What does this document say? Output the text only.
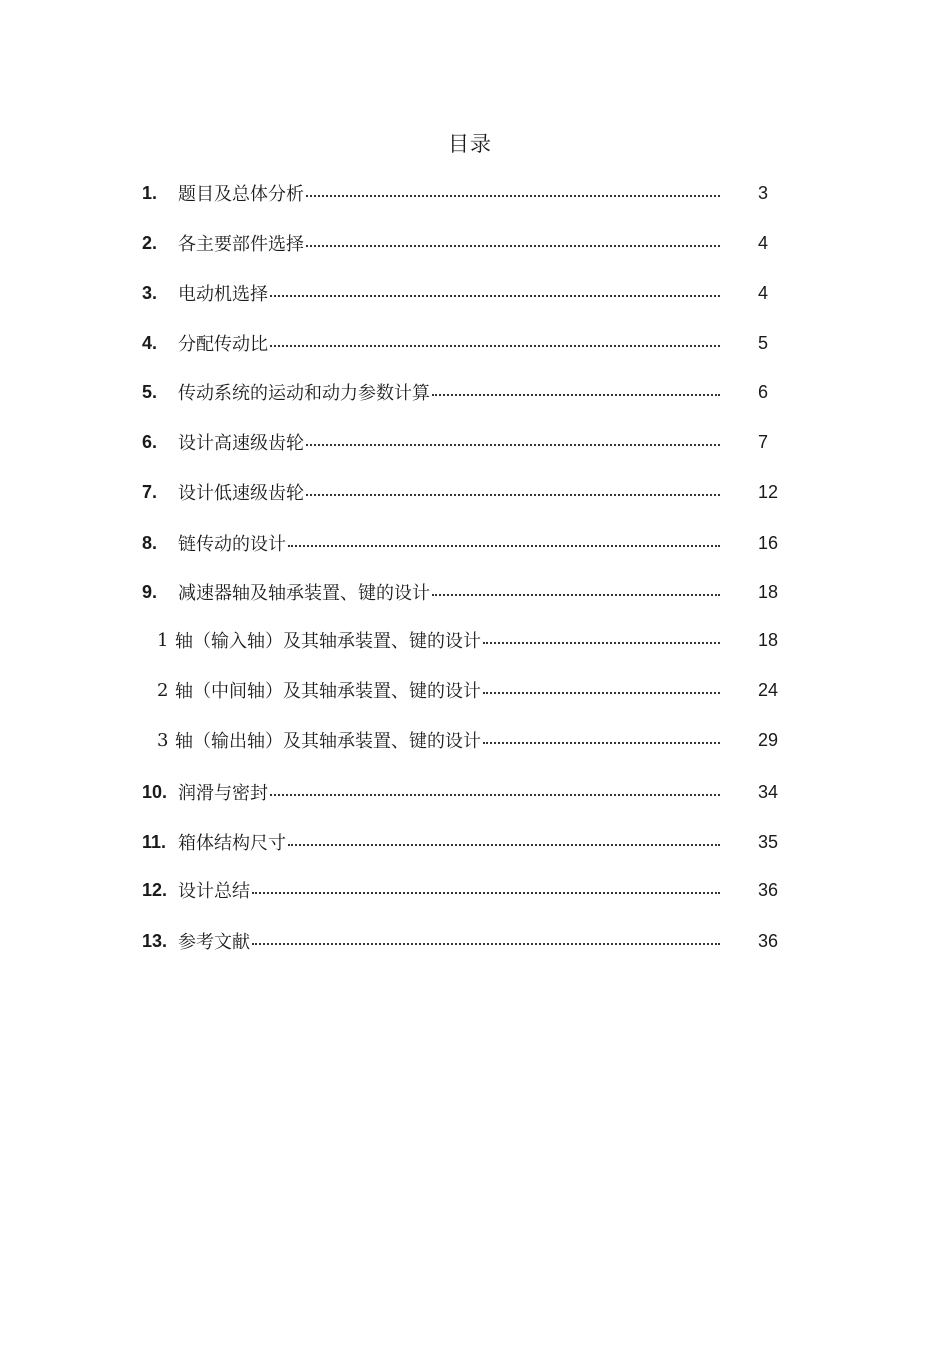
目录
1.	题目及总体分析	3
2.	各主要部件选择	4
3.	电动机选择	4
4.	分配传动比	5
5.	传动系统的运动和动力参数计算	6
6.	设计高速级齿轮	7
7.	设计低速级齿轮	12
8.	链传动的设计	16
9.	减速器轴及轴承装置、键的设计	18
1 轴（输入轴）及其轴承装置、键的设计	18
2 轴（中间轴）及其轴承装置、键的设计	24
3 轴（输出轴）及其轴承装置、键的设计	29
10. 润滑与密封	34
11. 箱体结构尺寸	35
12. 设计总结	36
13. 参考文献	36
